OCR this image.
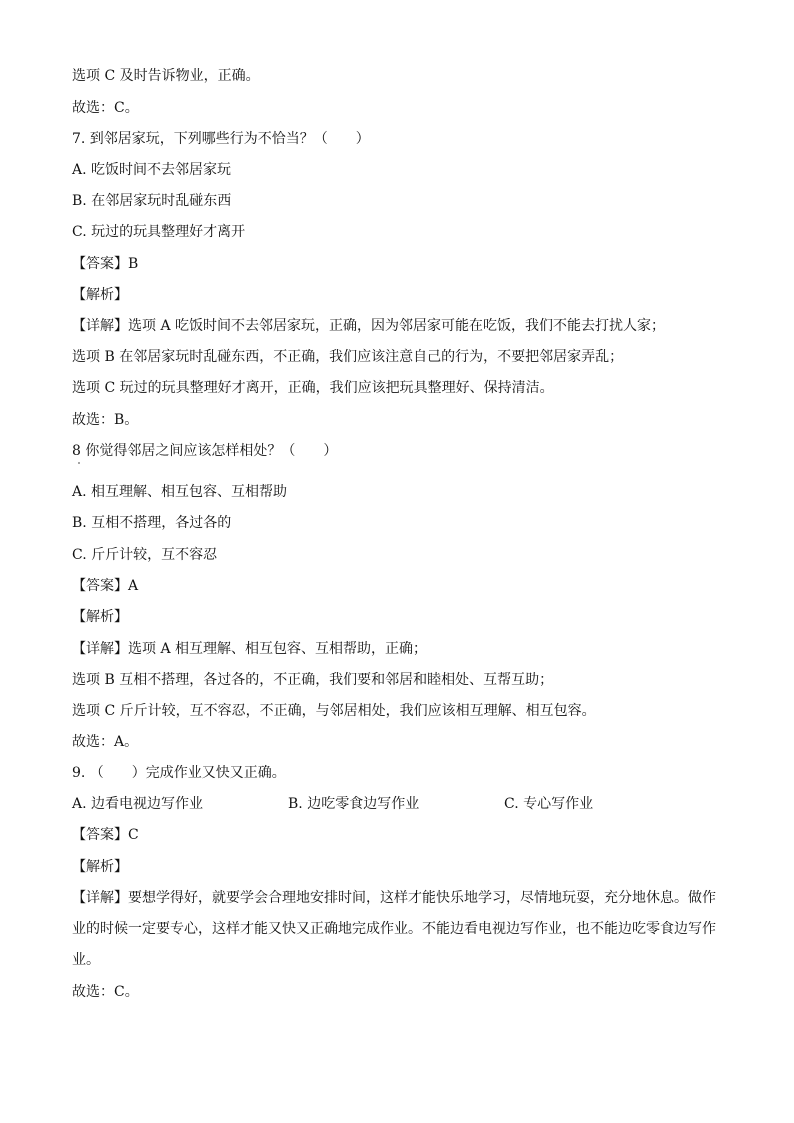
选项 C 及时告诉物业，正确。
故选：C。
7. 到邻居家玩，下列哪些行为不恰当？（　　）
A. 吃饭时间不去邻居家玩
B. 在邻居家玩时乱碰东西
C. 玩过的玩具整理好才离开
【答案】B
【解析】
【详解】选项 A 吃饭时间不去邻居家玩，正确，因为邻居家可能在吃饭，我们不能去打扰人家；
选项 B 在邻居家玩时乱碰东西，不正确，我们应该注意自己的行为，不要把邻居家弄乱；
选项 C 玩过的玩具整理好才离开，正确，我们应该把玩具整理好、保持清洁。
故选：B。
8 你觉得邻居之间应该怎样相处？（　　）
A. 相互理解、相互包容、互相帮助
B. 互相不搭理，各过各的
C. 斤斤计较，互不容忍
【答案】A
【解析】
【详解】选项 A 相互理解、相互包容、互相帮助，正确；
选项 B 互相不搭理，各过各的，不正确，我们要和邻居和睦相处、互帮互助；
选项 C 斤斤计较，互不容忍，不正确，与邻居相处，我们应该相互理解、相互包容。
故选：A。
9. （　　）完成作业又快又正确。
A. 边看电视边写作业	B. 边吃零食边写作业	C. 专心写作业
【答案】C
【解析】
【详解】要想学得好，就要学会合理地安排时间，这样才能快乐地学习，尽情地玩耍，充分地休息。做作
业的时候一定要专心，这样才能又快又正确地完成作业。不能边看电视边写作业，也不能边吃零食边写作
业。
故选：C。
